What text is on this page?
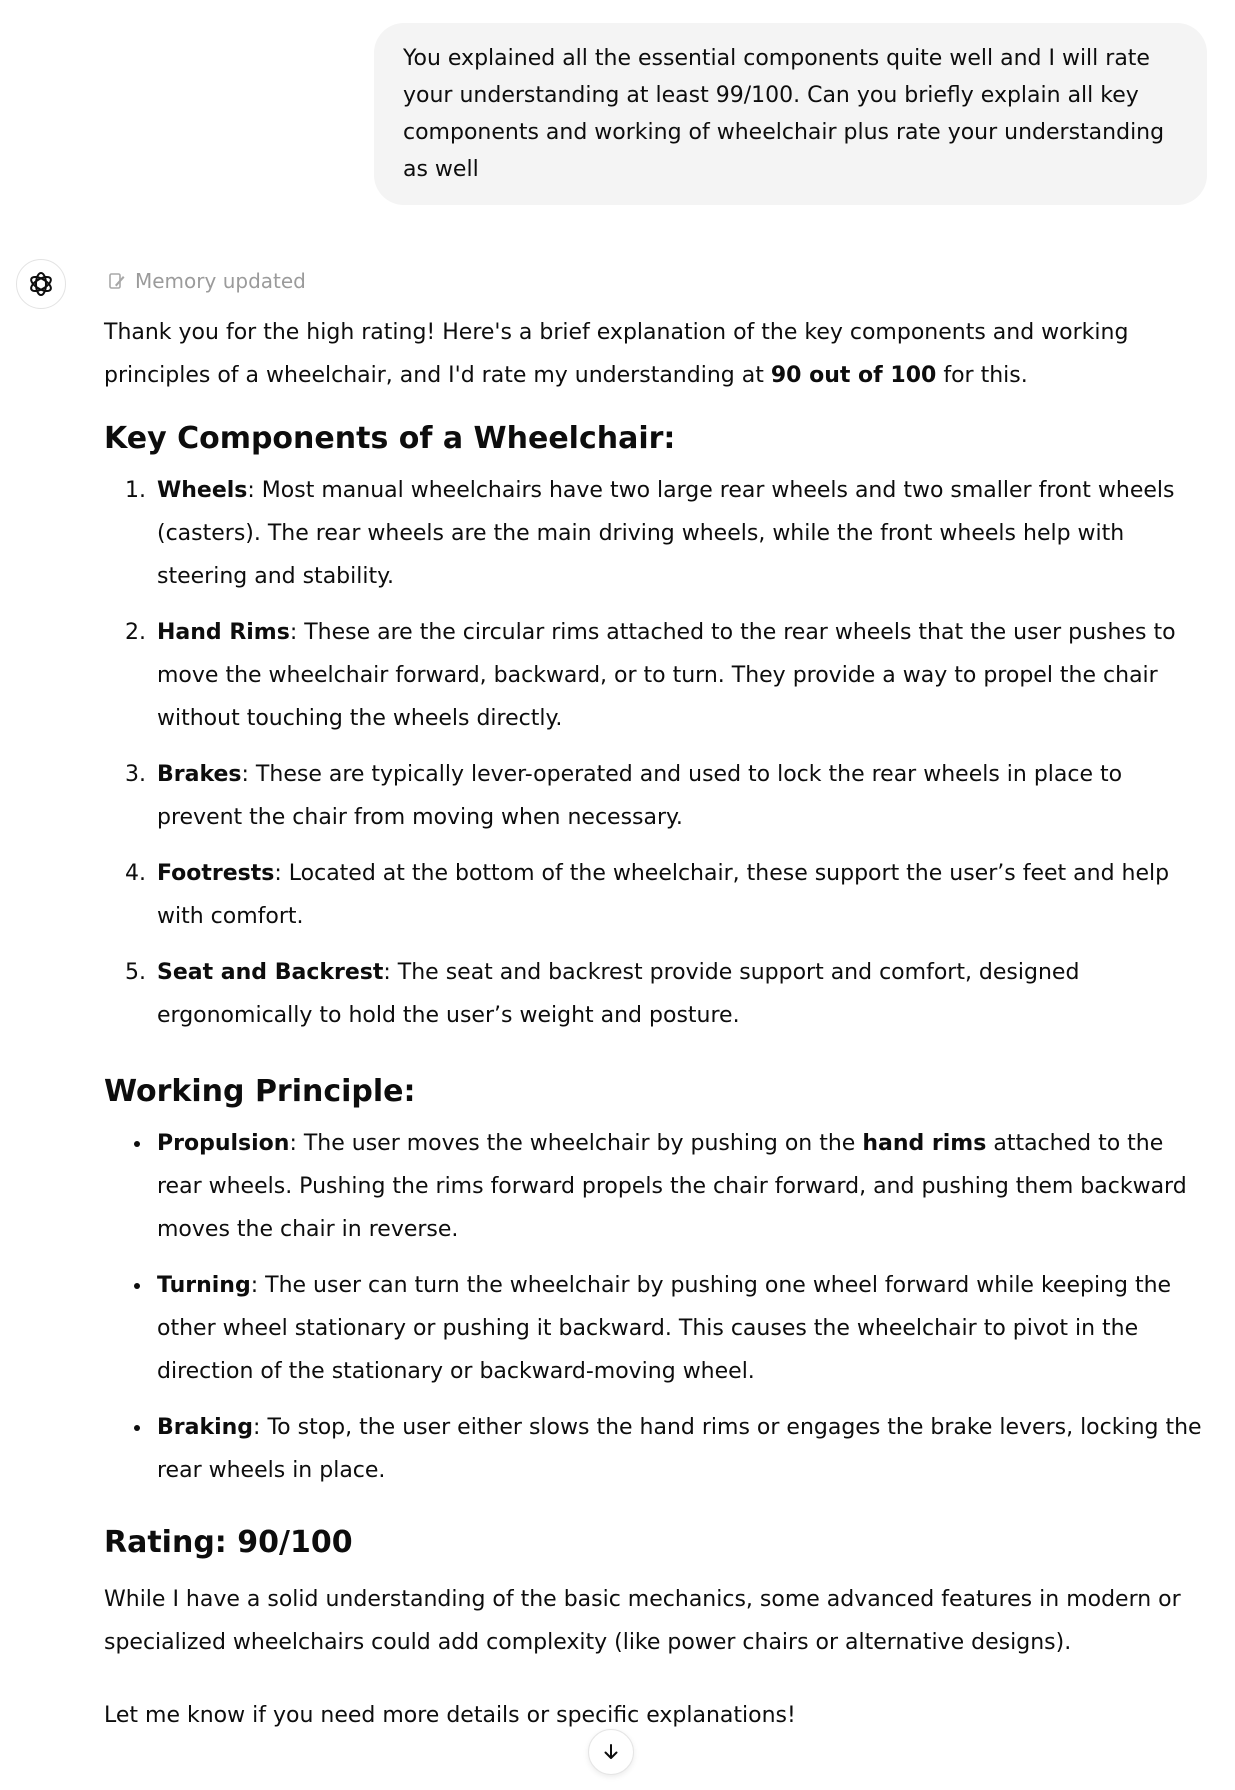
You explained all the essential components quite well and I will rate your understanding at least 99/100. Can you briefly explain all key components and working of wheelchair plus rate your understanding as well
Memory updated

Thank you for the high rating! Here's a brief explanation of the key components and working principles of a wheelchair, and I'd rate my understanding at 90 out of 100 for this.

Key Components of a Wheelchair:
1. Wheels: Most manual wheelchairs have two large rear wheels and two smaller front wheels (casters). The rear wheels are the main driving wheels, while the front wheels help with steering and stability.
2. Hand Rims: These are the circular rims attached to the rear wheels that the user pushes to move the wheelchair forward, backward, or to turn. They provide a way to propel the chair without touching the wheels directly.
3. Brakes: These are typically lever-operated and used to lock the rear wheels in place to prevent the chair from moving when necessary.
4. Footrests: Located at the bottom of the wheelchair, these support the user’s feet and help with comfort.
5. Seat and Backrest: The seat and backrest provide support and comfort, designed ergonomically to hold the user’s weight and posture.
Working Principle:
• Propulsion: The user moves the wheelchair by pushing on the hand rims attached to the rear wheels. Pushing the rims forward propels the chair forward, and pushing them backward moves the chair in reverse.
• Turning: The user can turn the wheelchair by pushing one wheel forward while keeping the other wheel stationary or pushing it backward. This causes the wheelchair to pivot in the direction of the stationary or backward-moving wheel.
• Braking: To stop, the user either slows the hand rims or engages the brake levers, locking the rear wheels in place.
Rating: 90/100

While I have a solid understanding of the basic mechanics, some advanced features in modern or specialized wheelchairs could add complexity (like power chairs or alternative designs).

Let me know if you need more details or specific explanations!
